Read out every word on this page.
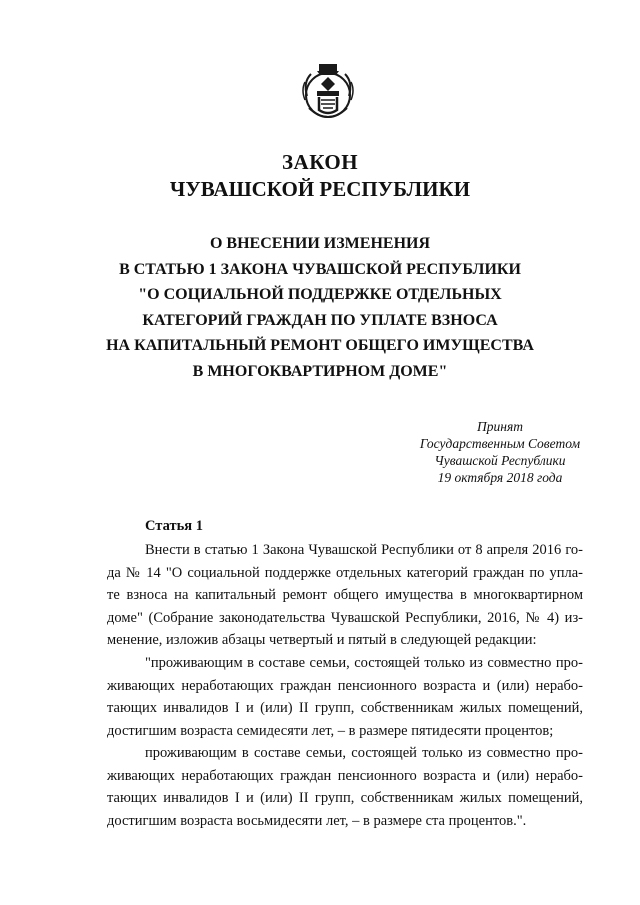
ЗАКОН
ЧУВАШСКОЙ РЕСПУБЛИКИ
О ВНЕСЕНИИ ИЗМЕНЕНИЯ
В СТАТЬЮ 1 ЗАКОНА ЧУВАШСКОЙ РЕСПУБЛИКИ
"О СОЦИАЛЬНОЙ ПОДДЕРЖКЕ ОТДЕЛЬНЫХ
КАТЕГОРИЙ ГРАЖДАН ПО УПЛАТЕ ВЗНОСА
НА КАПИТАЛЬНЫЙ РЕМОНТ ОБЩЕГО ИМУЩЕСТВА
В МНОГОКВАРТИРНОМ ДОМЕ"
Принят
Государственным Советом
Чувашской Республики
19 октября 2018 года
Статья 1
Внести в статью 1 Закона Чувашской Республики от 8 апреля 2016 го-
да № 14 "О социальной поддержке отдельных категорий граждан по упла-
те взноса на капитальный ремонт общего имущества в многоквартирном
доме" (Собрание законодательства Чувашской Республики, 2016, № 4) из-
менение, изложив абзацы четвертый и пятый в следующей редакции:
"проживающим в составе семьи, состоящей только из совместно про-
живающих неработающих граждан пенсионного возраста и (или) нерабо-
тающих инвалидов I и (или) II групп, собственникам жилых помещений,
достигшим возраста семидесяти лет, – в размере пятидесяти процентов;
проживающим в составе семьи, состоящей только из совместно про-
живающих неработающих граждан пенсионного возраста и (или) нерабо-
тающих инвалидов I и (или) II групп, собственникам жилых помещений,
достигшим возраста восьмидесяти лет, – в размере ста процентов.".
